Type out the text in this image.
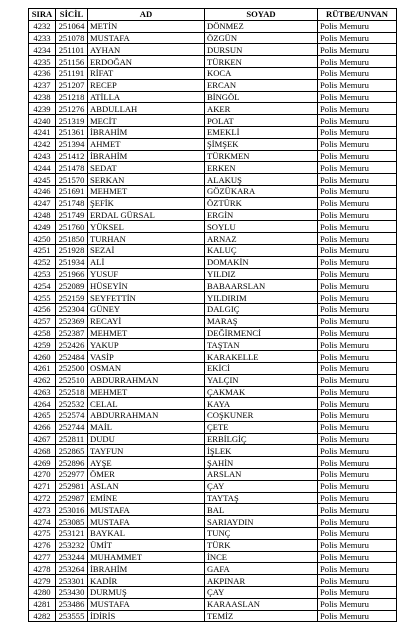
SIRA	SİCİL	AD	SOYAD	RÜTBE/UNVAN
4232	251064	METİN	DÖNMEZ	Polis Memuru
4233	251078	MUSTAFA	ÖZGÜN	Polis Memuru
4234	251101	AYHAN	DURSUN	Polis Memuru
4235	251156	ERDOĞAN	TÜRKEN	Polis Memuru
4236	251191	RİFAT	KOCA	Polis Memuru
4237	251207	RECEP	ERCAN	Polis Memuru
4238	251218	ATİLLA	BİNGÖL	Polis Memuru
4239	251276	ABDULLAH	AKER	Polis Memuru
4240	251319	MECİT	POLAT	Polis Memuru
4241	251361	İBRAHİM	EMEKLİ	Polis Memuru
4242	251394	AHMET	ŞİMŞEK	Polis Memuru
4243	251412	İBRAHİM	TÜRKMEN	Polis Memuru
4244	251478	SEDAT	ERKEN	Polis Memuru
4245	251570	SERKAN	ALAKUŞ	Polis Memuru
4246	251691	MEHMET	GÖZÜKARA	Polis Memuru
4247	251748	ŞEFİK	ÖZTÜRK	Polis Memuru
4248	251749	ERDAL GÜRSAL	ERGİN	Polis Memuru
4249	251760	YÜKSEL	SOYLU	Polis Memuru
4250	251850	TURHAN	ARNAZ	Polis Memuru
4251	251928	SEZAİ	KALUÇ	Polis Memuru
4252	251934	ALİ	DOMAKİN	Polis Memuru
4253	251966	YUSUF	YILDIZ	Polis Memuru
4254	252089	HÜSEYİN	BABAARSLAN	Polis Memuru
4255	252159	SEYFETTİN	YILDIRIM	Polis Memuru
4256	252304	GÜNEY	DALGIÇ	Polis Memuru
4257	252369	RECAYİ	MARAŞ	Polis Memuru
4258	252387	MEHMET	DEĞİRMENCİ	Polis Memuru
4259	252426	YAKUP	TAŞTAN	Polis Memuru
4260	252484	VASİP	KARAKELLE	Polis Memuru
4261	252500	OSMAN	EKİCİ	Polis Memuru
4262	252510	ABDURRAHMAN	YALÇIN	Polis Memuru
4263	252518	MEHMET	ÇAKMAK	Polis Memuru
4264	252532	CELAL	KAYA	Polis Memuru
4265	252574	ABDURRAHMAN	COŞKUNER	Polis Memuru
4266	252744	MAİL	ÇETE	Polis Memuru
4267	252811	DUDU	ERBİLGİÇ	Polis Memuru
4268	252865	TAYFUN	İŞLEK	Polis Memuru
4269	252896	AYŞE	ŞAHİN	Polis Memuru
4270	252977	ÖMER	ARSLAN	Polis Memuru
4271	252981	ASLAN	ÇAY	Polis Memuru
4272	252987	EMİNE	TAYTAŞ	Polis Memuru
4273	253016	MUSTAFA	BAL	Polis Memuru
4274	253085	MUSTAFA	SARIAYDIN	Polis Memuru
4275	253121	BAYKAL	TUNÇ	Polis Memuru
4276	253232	ÜMİT	TÜRK	Polis Memuru
4277	253244	MUHAMMET	İNCE	Polis Memuru
4278	253264	İBRAHİM	GAFA	Polis Memuru
4279	253301	KADİR	AKPINAR	Polis Memuru
4280	253430	DURMUŞ	ÇAY	Polis Memuru
4281	253486	MUSTAFA	KARAASLAN	Polis Memuru
4282	253555	İDİRİS	TEMİZ	Polis Memuru
